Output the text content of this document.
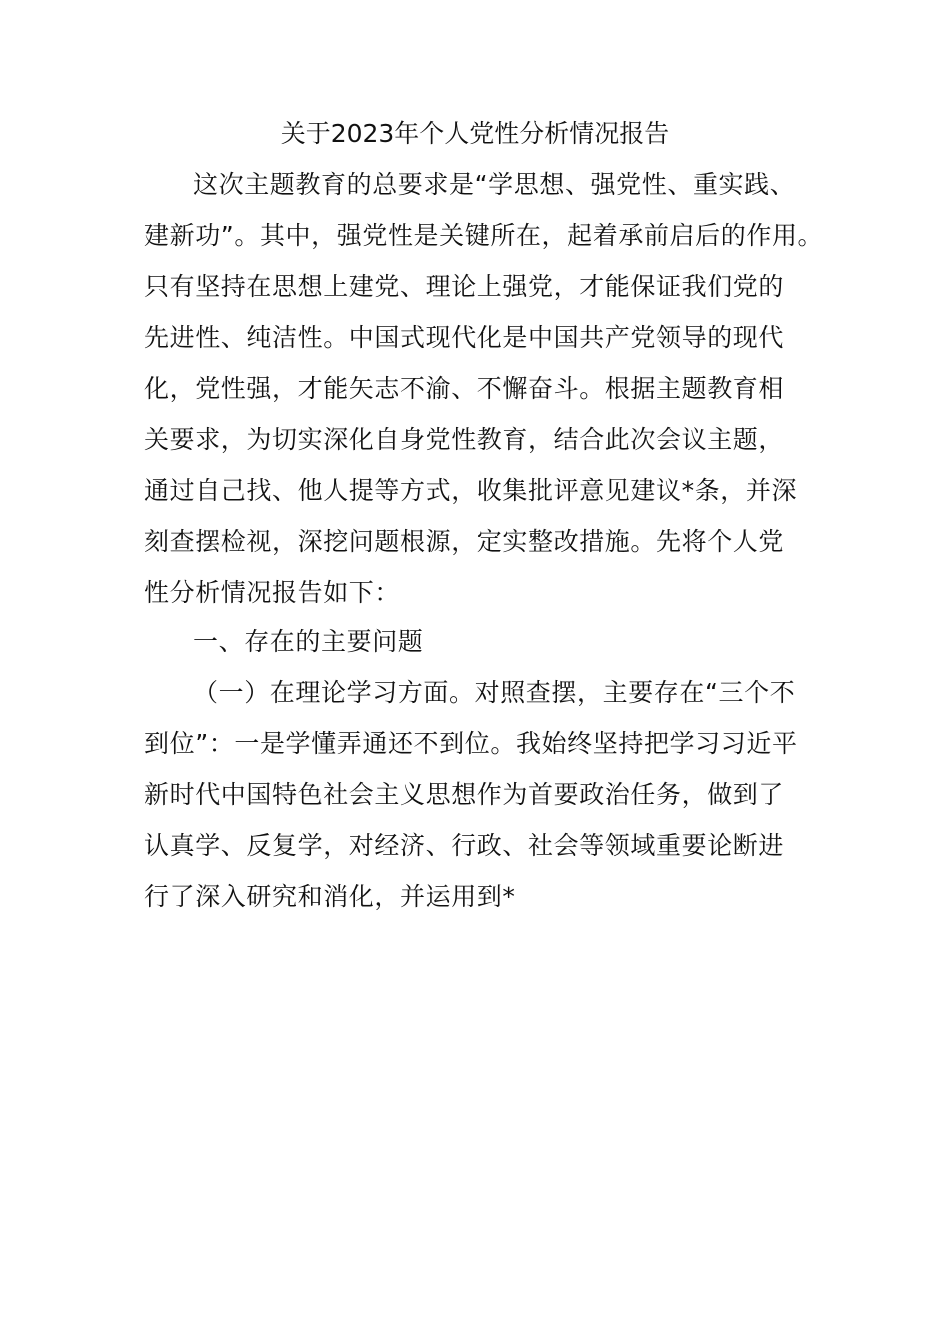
关于2023年个人党性分析情况报告
这次主题教育的总要求是“学思想、强党性、重实践、
建新功”。其中，强党性是关键所在，起着承前启后的作用。
只有坚持在思想上建党、理论上强党，才能保证我们党的
先进性、纯洁性。中国式现代化是中国共产党领导的现代
化，党性强，才能矢志不渝、不懈奋斗。根据主题教育相
关要求，为切实深化自身党性教育，结合此次会议主题，
通过自己找、他人提等方式，收集批评意见建议*条，并深
刻查摆检视，深挖问题根源，定实整改措施。先将个人党
性分析情况报告如下：
一、存在的主要问题
（一）在理论学习方面。对照查摆，主要存在“三个不
到位”：一是学懂弄通还不到位。我始终坚持把学习习近平
新时代中国特色社会主义思想作为首要政治任务，做到了
认真学、反复学，对经济、行政、社会等领域重要论断进
行了深入研究和消化，并运用到*
